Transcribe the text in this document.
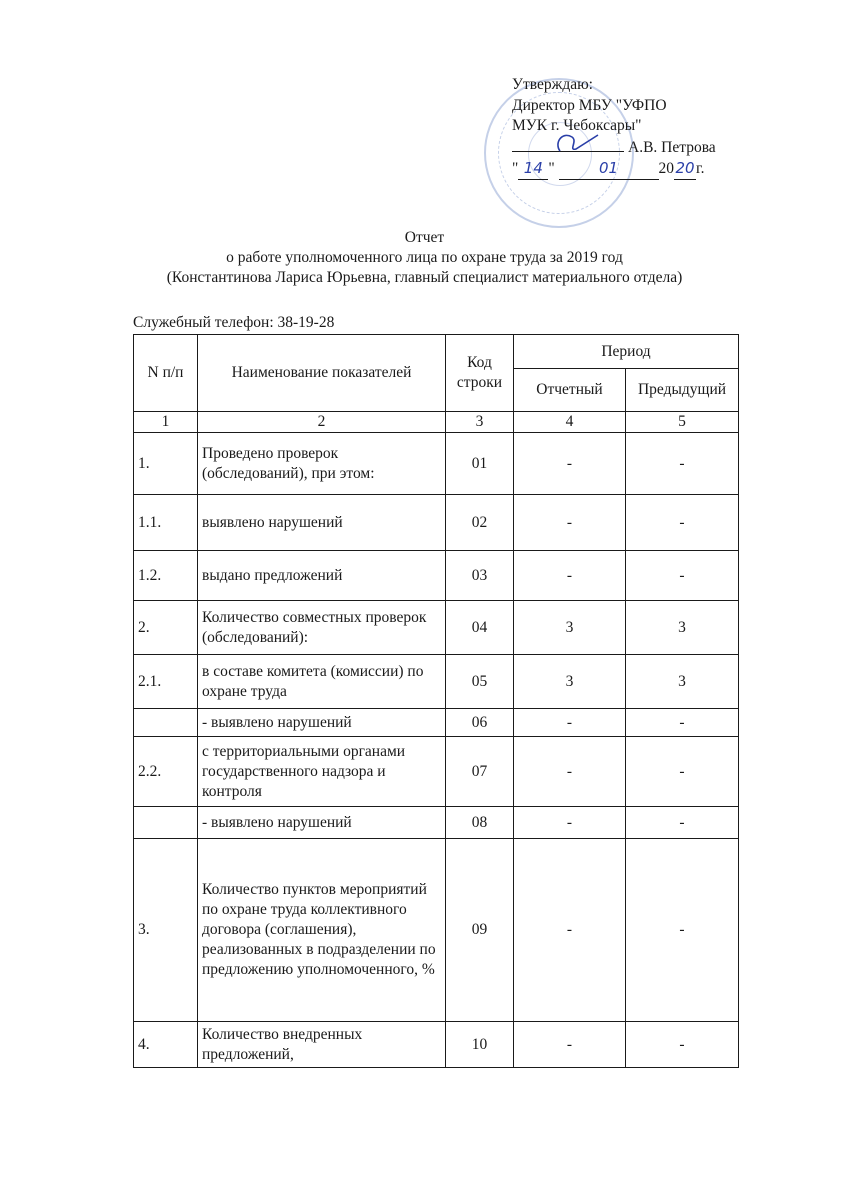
Утверждаю:
Директор МБУ "УФПО
МУК г. Чебоксары"
А.В. Петрова
" 14 "	01	2020г.
Отчет
о работе уполномоченного лица по охране труда за 2019 год
(Константинова Лариса Юрьевна, главный специалист материального отдела)
Служебный телефон: 38-19-28
N п/п	Наименование показателей	Код строки	Период	
			Отчетный	Предыдущий
1	2	3	4	5
1.	Проведено проверок (обследований), при этом:	01	-	-
1.1.	выявлено нарушений	02	-	-
1.2.	выдано предложений	03	-	-
2.	Количество совместных проверок (обследований):	04	3	3
2.1.	в составе комитета (комиссии) по охране труда	05	3	3
	- выявлено нарушений	06	-	-
2.2.	с территориальными органами государственного надзора и контроля	07	-	-
	- выявлено нарушений	08	-	-
3.	Количество пунктов мероприятий по охране труда коллективного договора (соглашения), реализованных в подразделении по предложению уполномоченного, %	09	-	-
4.	Количество внедренных предложений,	10	-	-
